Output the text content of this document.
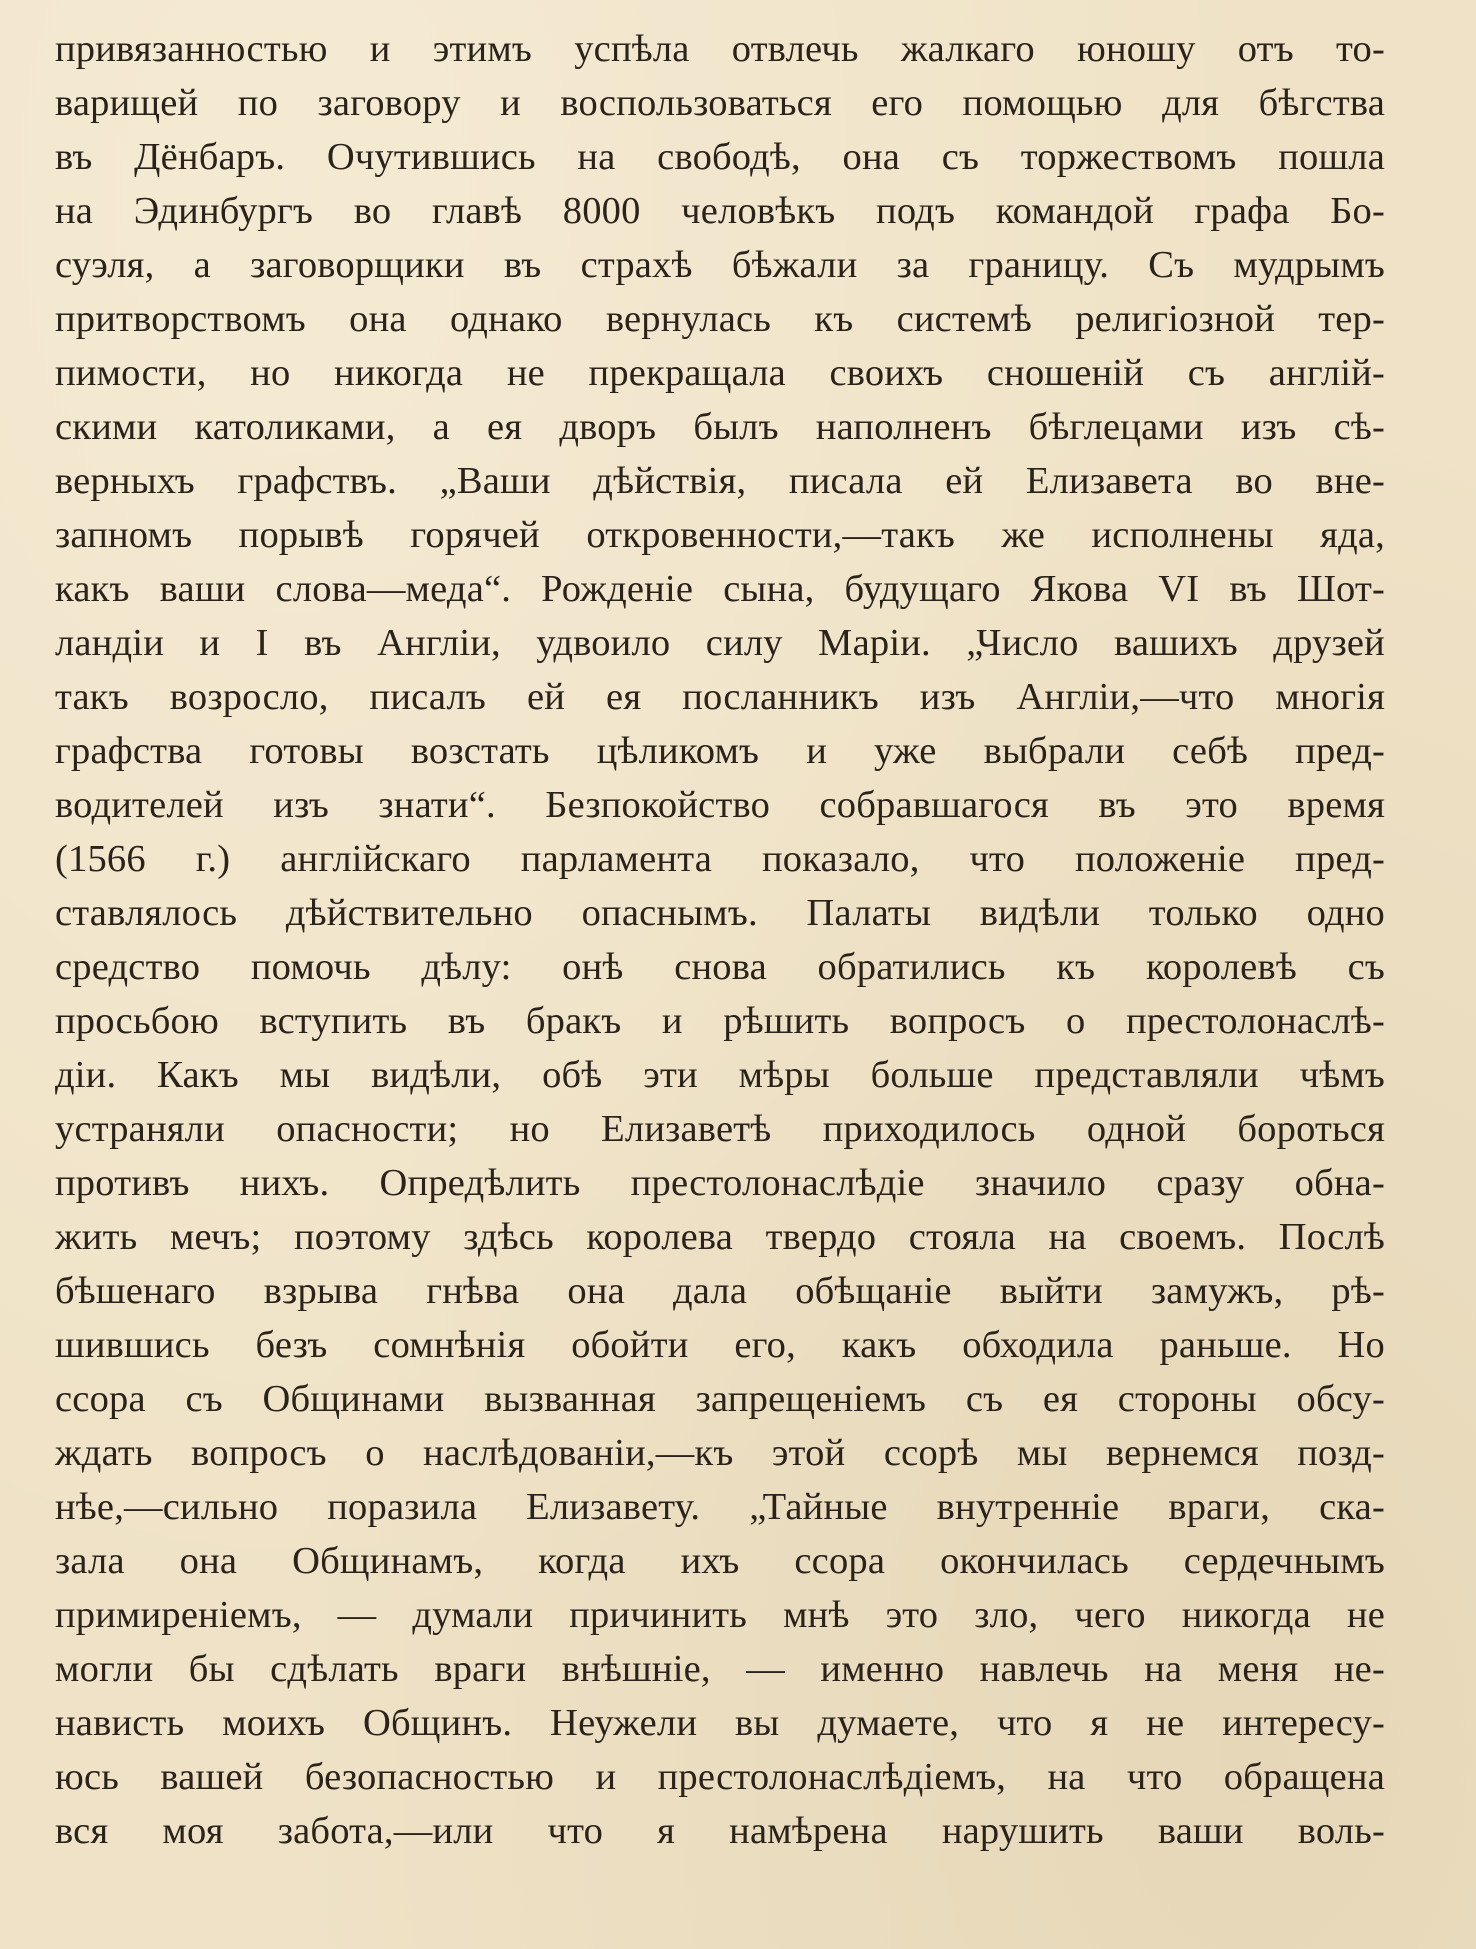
привязанностью и этимъ успѣла отвлечь жалкаго юношу отъ то-
варищей по заговору и воспользоваться его помощью для бѣгства
въ Дёнбаръ. Очутившись на свободѣ, она съ торжествомъ пошла
на Эдинбургъ во главѣ 8000 человѣкъ подъ командой графа Бо-
суэля, а заговорщики въ страхѣ бѣжали за границу. Съ мудрымъ
притворствомъ она однако вернулась къ системѣ религіозной тер-
пимости, но никогда не прекращала своихъ сношеній съ англій-
скими католиками, а ея дворъ былъ наполненъ бѣглецами изъ сѣ-
верныхъ графствъ. „Ваши дѣйствія, писала ей Елизавета во вне-
запномъ порывѣ горячей откровенности,—такъ же исполнены яда,
какъ ваши слова—меда“. Рожденіе сына, будущаго Якова VI въ Шот-
ландіи и I въ Англіи, удвоило силу Маріи. „Число вашихъ друзей
такъ возросло, писалъ ей ея посланникъ изъ Англіи,—что многія
графства готовы возстать цѣликомъ и уже выбрали себѣ пред-
водителей изъ знати“. Безпокойство собравшагося въ это время
(1566 г.) англійскаго парламента показало, что положеніе пред-
ставлялось дѣйствительно опаснымъ. Палаты видѣли только одно
средство помочь дѣлу: онѣ снова обратились къ королевѣ съ
просьбою вступить въ бракъ и рѣшить вопросъ о престолонаслѣ-
діи. Какъ мы видѣли, обѣ эти мѣры больше представляли чѣмъ
устраняли опасности; но Елизаветѣ приходилось одной бороться
противъ нихъ. Опредѣлить престолонаслѣдіе значило сразу обна-
жить мечъ; поэтому здѣсь королева твердо стояла на своемъ. Послѣ
бѣшенаго взрыва гнѣва она дала обѣщаніе выйти замужъ, рѣ-
шившись безъ сомнѣнія обойти его, какъ обходила раньше. Но
ссора съ Общинами вызванная запрещеніемъ съ ея стороны обсу-
ждать вопросъ о наслѣдованіи,—къ этой ссорѣ мы вернемся позд-
нѣе,—сильно поразила Елизавету. „Тайные внутренніе враги, ска-
зала она Общинамъ, когда ихъ ссора окончилась сердечнымъ
примиреніемъ, — думали причинить мнѣ это зло, чего никогда не
могли бы сдѣлать враги внѣшніе, — именно навлечь на меня не-
нависть моихъ Общинъ. Неужели вы думаете, что я не интересу-
юсь вашей безопасностью и престолонаслѣдіемъ, на что обращена
вся моя забота,—или что я намѣрена нарушить ваши воль-
